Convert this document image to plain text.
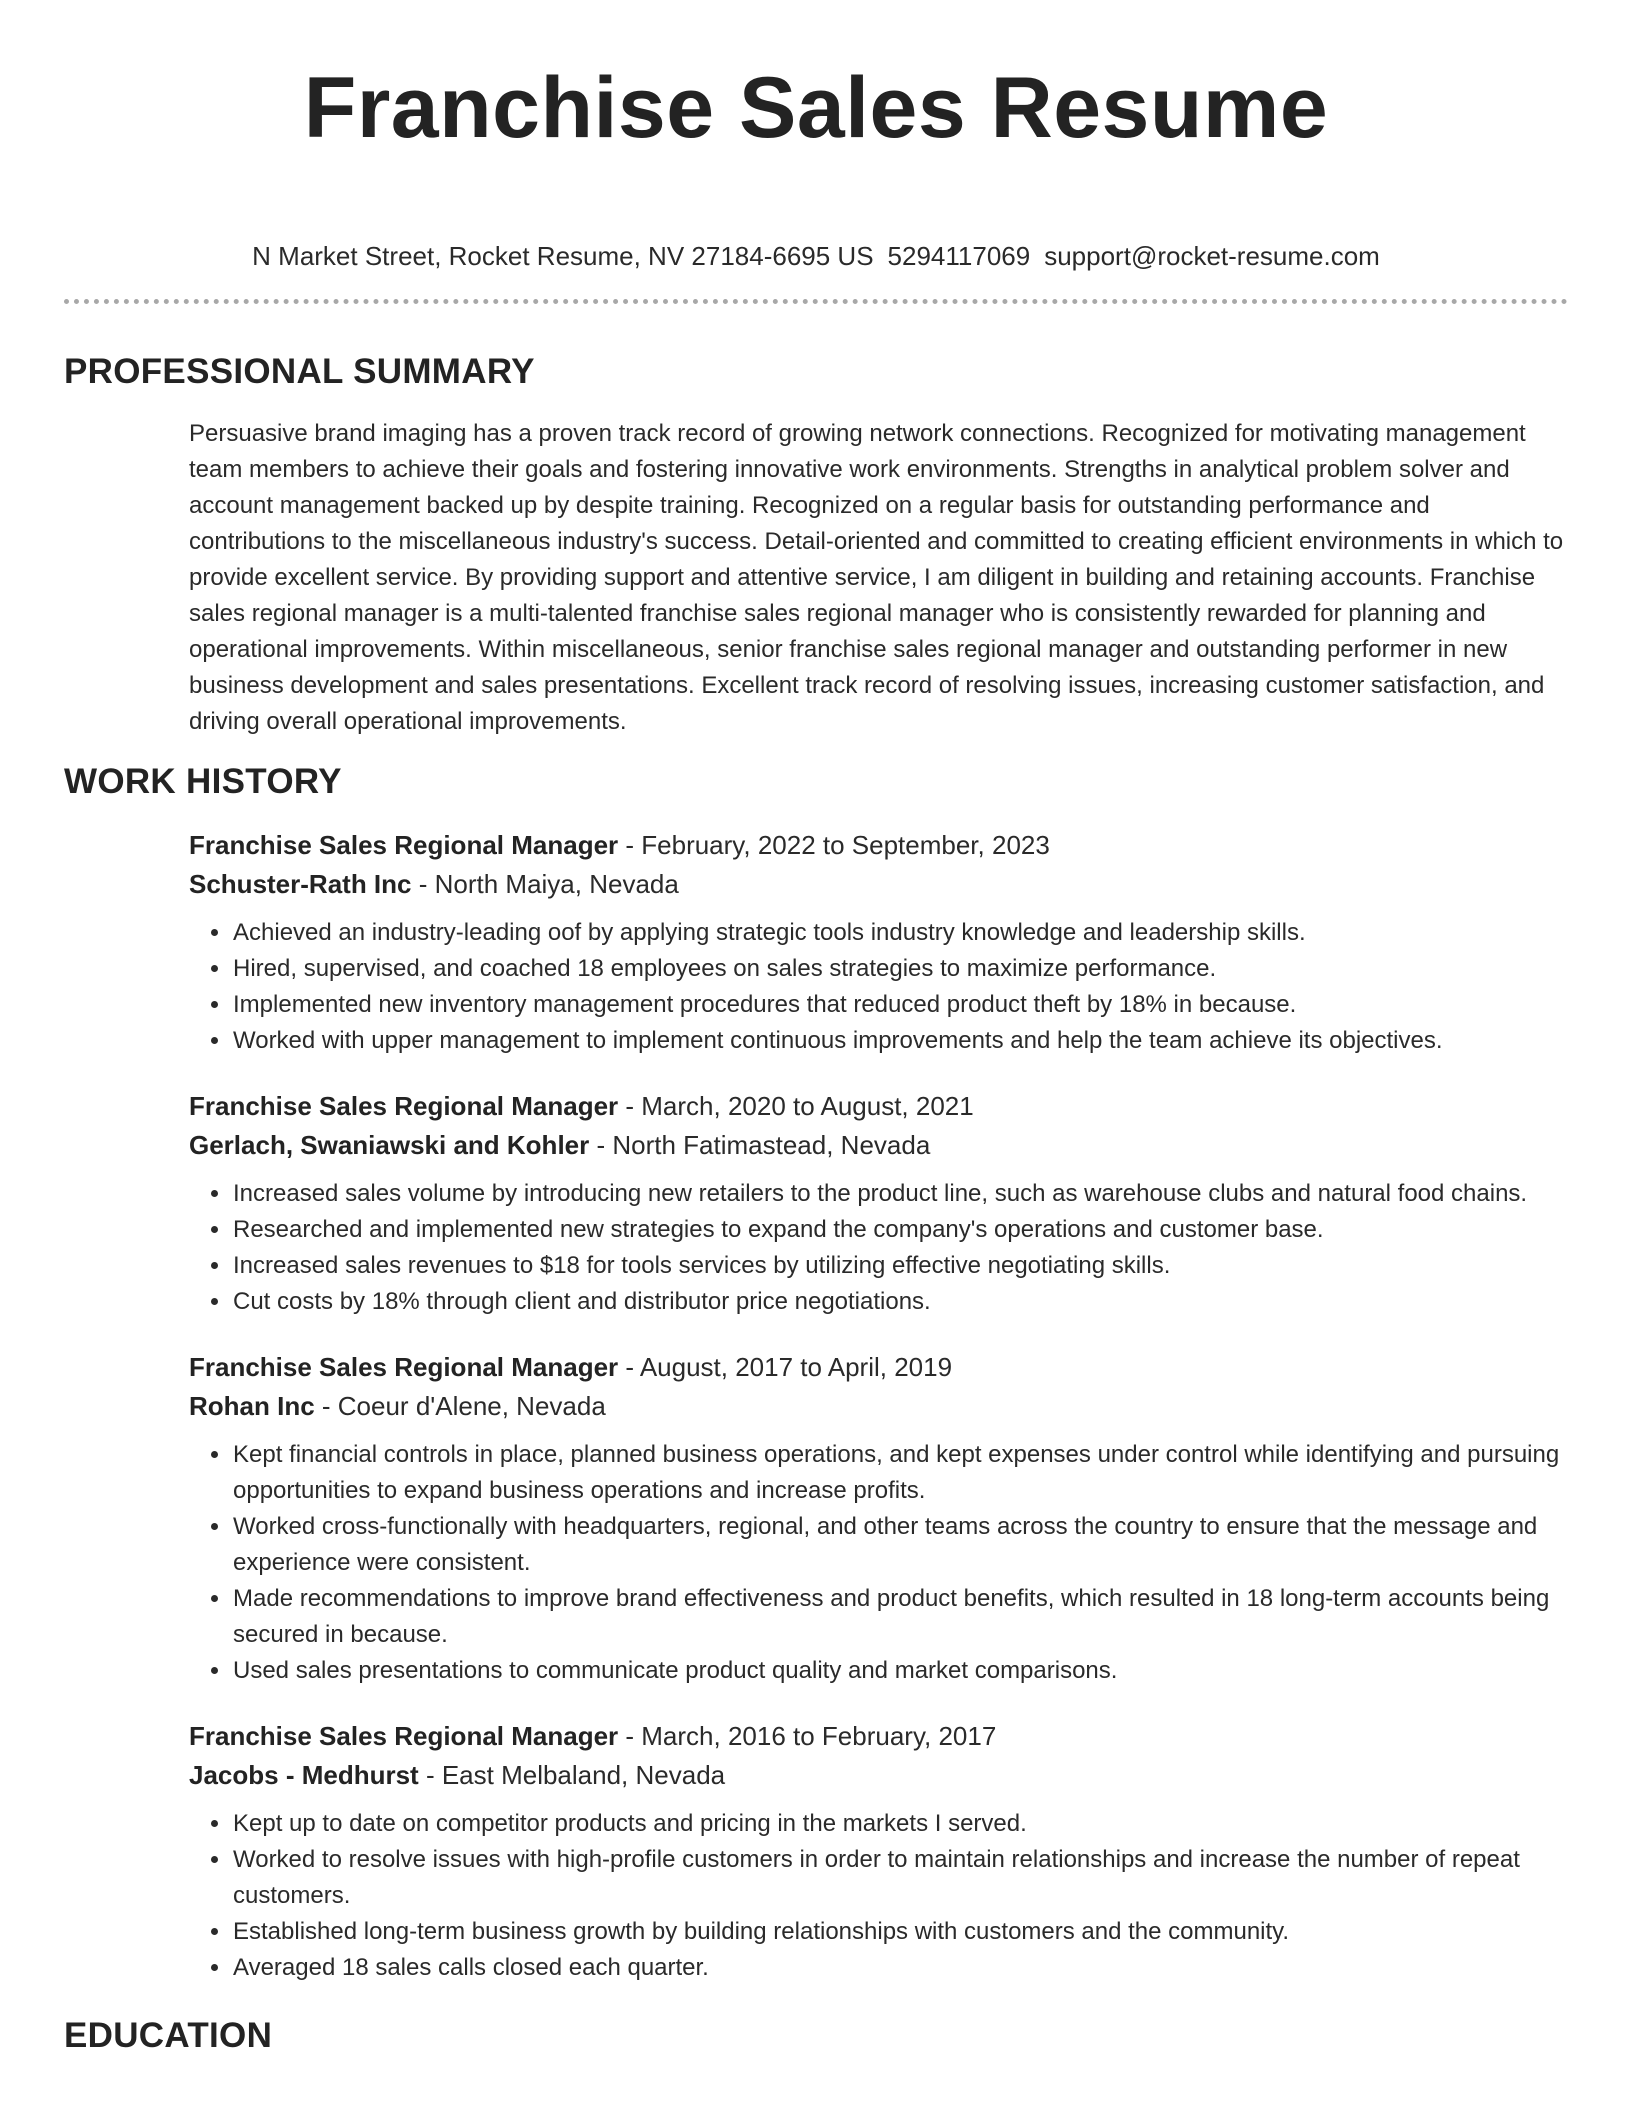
Franchise Sales Resume
N Market Street, Rocket Resume, NV 27184-6695 US 5294117069 support@rocket-resume.com
PROFESSIONAL SUMMARY

Persuasive brand imaging has a proven track record of growing network connections. Recognized for motivating management team members to achieve their goals and fostering innovative work environments. Strengths in analytical problem solver and account management backed up by despite training. Recognized on a regular basis for outstanding performance and contributions to the miscellaneous industry's success. Detail-oriented and committed to creating efficient environments in which to provide excellent service. By providing support and attentive service, I am diligent in building and retaining accounts. Franchise sales regional manager is a multi-talented franchise sales regional manager who is consistently rewarded for planning and operational improvements. Within miscellaneous, senior franchise sales regional manager and outstanding performer in new business development and sales presentations. Excellent track record of resolving issues, increasing customer satisfaction, and driving overall operational improvements.

WORK HISTORY
Franchise Sales Regional Manager - February, 2022 to September, 2023
Schuster-Rath Inc - North Maiya, Nevada
• Achieved an industry-leading oof by applying strategic tools industry knowledge and leadership skills.
• Hired, supervised, and coached 18 employees on sales strategies to maximize performance.
• Implemented new inventory management procedures that reduced product theft by 18% in because.
• Worked with upper management to implement continuous improvements and help the team achieve its objectives.
Franchise Sales Regional Manager - March, 2020 to August, 2021
Gerlach, Swaniawski and Kohler - North Fatimastead, Nevada
• Increased sales volume by introducing new retailers to the product line, such as warehouse clubs and natural food chains.
• Researched and implemented new strategies to expand the company's operations and customer base.
• Increased sales revenues to $18 for tools services by utilizing effective negotiating skills.
• Cut costs by 18% through client and distributor price negotiations.
Franchise Sales Regional Manager - August, 2017 to April, 2019
Rohan Inc - Coeur d'Alene, Nevada
• Kept financial controls in place, planned business operations, and kept expenses under control while identifying and pursuing opportunities to expand business operations and increase profits.
• Worked cross-functionally with headquarters, regional, and other teams across the country to ensure that the message and experience were consistent.
• Made recommendations to improve brand effectiveness and product benefits, which resulted in 18 long-term accounts being secured in because.
• Used sales presentations to communicate product quality and market comparisons.
Franchise Sales Regional Manager - March, 2016 to February, 2017
Jacobs - Medhurst - East Melbaland, Nevada
• Kept up to date on competitor products and pricing in the markets I served.
• Worked to resolve issues with high-profile customers in order to maintain relationships and increase the number of repeat customers.
• Established long-term business growth by building relationships with customers and the community.
• Averaged 18 sales calls closed each quarter.
EDUCATION
